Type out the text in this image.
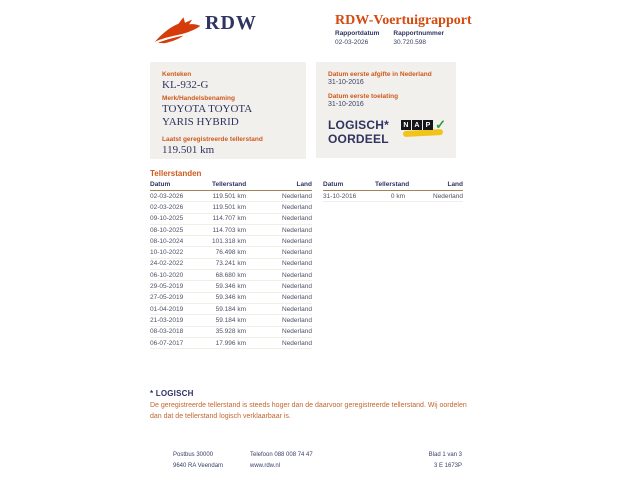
RDW	RDW-Voertuigrapport
Rapportdatum
02-03-2026
Rapportnummer
30.720.598
Kenteken
KL-932-G
Merk/Handelsbenaming
TOYOTA TOYOTA
YARIS HYBRID
Laatst geregistreerde tellerstand
119.501 km
Datum eerste afgifte in Nederland
31-10-2016
Datum eerste toelating
31-10-2016
LOGISCH*
OORDEEL
N A P ✓
Tellerstanden
Datum	Tellerstand	Land
02-03-2026	119.501 km	Nederland
02-03-2026	119.501 km	Nederland
09-10-2025	114.707 km	Nederland
08-10-2025	114.703 km	Nederland
08-10-2024	101.318 km	Nederland
10-10-2022	76.498 km	Nederland
24-02-2022	73.241 km	Nederland
06-10-2020	68.680 km	Nederland
29-05-2019	59.346 km	Nederland
27-05-2019	59.346 km	Nederland
01-04-2019	59.184 km	Nederland
21-03-2019	59.184 km	Nederland
08-03-2018	35.928 km	Nederland
06-07-2017	17.996 km	Nederland
Datum	Tellerstand	Land
31-10-2016	0 km	Nederland
* LOGISCH
De geregistreerde tellerstand is steeds hoger dan de daarvoor geregistreerde tellerstand. Wij oordelen dan dat de tellerstand logisch verklaarbaar is.
Postbus 30000
9640 RA Veendam
Telefoon 088 008 74 47
www.rdw.nl
Blad 1 van 3
3 E 1673P
